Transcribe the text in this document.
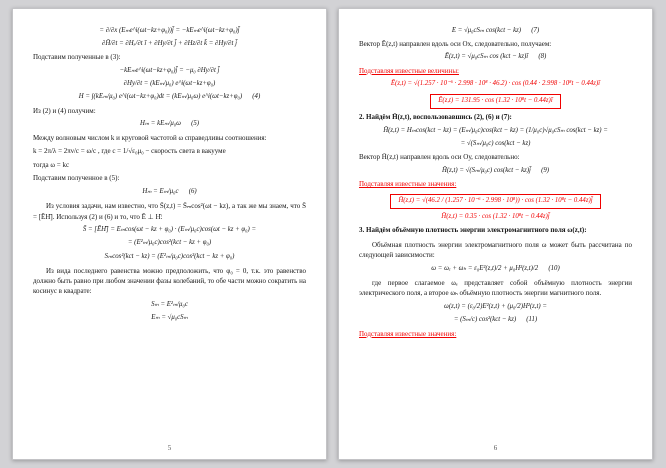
= ∂/∂x (Eₘe^i(ωt−kz+φ₀))j̄ = −kEₘe^i(ωt−kz+φ₀)j̄
∂H̄/∂t = ∂Hₓ/∂t ī + ∂Hy/∂t j̄ + ∂Hz/∂t k̄ = ∂Hy/∂t j̄
Подставим полученные в (3):
−kEₘe^i(ωt−kz+φ₀)j̄ = −μ₀ ∂Hy/∂t j̄
∂Hy/∂t = (kEₘ/μ₀) e^i(ωt−kz+φ₀)
H = ∫(kEₘ/μ₀) e^i(ωt−kz+φ₀)dt = (kEₘ/μ₀ω) e^i(ωt−kz+φ₀)      (4)
Из (2) и (4) получим:
Hₘ = kEₘ/μ₀ω      (5)
Между волновым числом k и круговой частотой ω справедливы соотношения:
k = 2π/λ = 2πν/c = ω/c , где c = 1/√ε₀μ₀ − скорость света в вакууме
тогда ω = kc
Подставим полученное в (5):
Hₘ = Eₘ/μ₀c      (6)
Из условия задачи, нам известно, что S̄(z,t) = S̄ₘcos²(ωt − kz), а так же мы знаем, что S̄ = [ĒН̄]. Используя (2) и (6) и то, что Ē ⊥ Н̄:
S̄ = [ĒН̄] = Eₘcos(ωt − kz + φ₀) · (Eₘ/μ₀c)cos(ωt − kz + φ₀) =
= (E²ₘ/μ₀c)cos²(kct − kz + φ₀)
Sₘcos²(kct − kz) = (E²ₘ/μ₀c)cos²(kct − kz + φ₀)
Из вида последнего равенства можно предположить, что φ₀ = 0, т.к. это равенство должно быть равно при любом значении фазы колебаний, то обе части можно сократить на косинус в квадрате:
Sₘ = E²ₘ/μ₀c
Eₘ = √μ₀cSₘ
5
E = √μ₀cSₘ cos(kct − kz)      (7)
Вектор Ē(z,t) направлен вдоль оси Ох, следовательно, получаем:
Ē(z,t) = √μ₀cSₘ cos (kct − kz)ī      (8)
Подставляя известные величины:
Ē(z,t) = √(1.257 · 10⁻⁶ · 2.998 · 10⁸ · 46.2) · cos (0.44 · 2.998 · 10⁸t − 0.44z)ī
Ē(z,t) = 131.95 · cos (1.32 · 10⁸t − 0.44z)ī
2. Найдём H̄(z,t), воспользовавшись (2), (6) и (7):
H̄(z,t) = Hₘcos(kct − kz) = (Eₘ/μ₀c)cos(kct − kz) = (1/μ₀c)√μ₀cSₘ cos(kct − kz) =
= √(Sₘ/μ₀c) cos(kct − kz)
Вектор H̄(z,t) направлен вдоль оси Оу, следовательно:
H̄(z,t) = √(Sₘ/μ₀c) cos(kct − kz)j̄      (9)
Подставляя известные значения:
H̄(z,t) = √(46.2 / (1.257 · 10⁻⁶ · 2.998 · 10⁸)) · cos (1.32 · 10⁸t − 0.44z)j̄
H̄(z,t) = 0.35 · cos (1.32 · 10⁸t − 0.44z)j̄
3. Найдём объёмную плотность энергии электромагнитного поля ω(z,t):
Объёмная плотность энергии электромагнитного поля ω может быть рассчитана по следующей зависимости:
ω = ωₑ + ωₕ = ε₀E²(z,t)/2 + μ₀H²(z,t)/2      (10)
где первое слагаемое ωₑ представляет собой объёмную плотность энергии электрического поля, а второе ωₕ объёмную плотность энергии магнитного поля.
ω(z,t) = (ε₀/2)E²(z,t) + (μ₀/2)H²(z,t) =
= (Sₘ/c) cos²(kct − kz)      (11)
Подставляя известные значения:
6
